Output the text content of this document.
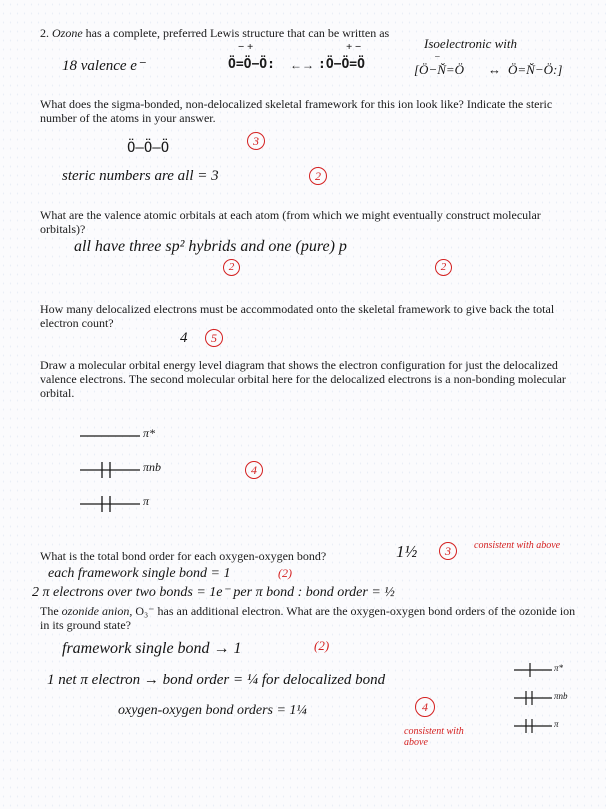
2. Ozone has a complete, preferred Lewis structure that can be written as
18 valence e⁻
− +	+ −
Ö=Ö−Ö: ←→ :Ö−Ö=Ö
Isoelectronic with
−
[Ö−Ň=Ö ↔ Ö=Ň−Ö:]
What does the sigma-bonded, non-delocalized skeletal framework for this ion look like? Indicate the steric number of the atoms in your answer.
Ö—Ö—Ö	3
steric numbers are all = 3	2
What are the valence atomic orbitals at each atom (from which we might eventually construct molecular orbitals)?
all have three sp² hybrids and one (pure) p
2	2
How many delocalized electrons must be accommodated onto the skeletal framework to give back the total electron count?
4	5
Draw a molecular orbital energy level diagram that shows the electron configuration for just the delocalized valence electrons. The second molecular orbital here for the delocalized electrons is a non-bonding molecular orbital.
π*
πnb
π
4
What is the total bond order for each oxygen-oxygen bond?	1½	3	consistent with above
each framework single bond = 1	(2)
2 π electrons over two bonds = 1e⁻ per π bond : bond order = ½
The ozonide anion, O₃⁻ has an additional electron. What are the oxygen-oxygen bond orders of the ozonide ion in its ground state?
framework single bond → 1	(2)
1 net π electron → bond order = ¼ for delocalized bond
oxygen-oxygen bond orders = 1¼	4
consistent with above
π*
πnb
π
